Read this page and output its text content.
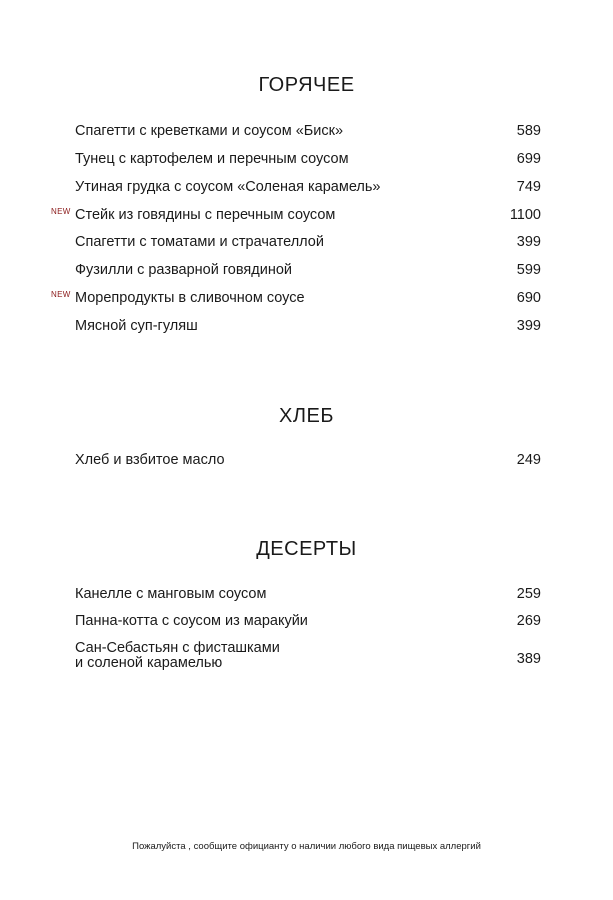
ГОРЯЧЕЕ
Спагетти с креветками и соусом «Биск»	589
Тунец с картофелем и перечным соусом	699
Утиная грудка с соусом «Соленая карамель»	749
NEW Стейк из говядины с перечным соусом	1100
Спагетти с томатами и страчателлой	399
Фузилли с разварной говядиной	599
NEW Морепродукты в сливочном соусе	690
Мясной суп-гуляш	399
ХЛЕБ
Хлеб и взбитое масло	249
ДЕСЕРТЫ
Канелле с манговым соусом	259
Панна-котта с соусом из маракуйи	269
Сан-Себастьян с фисташками
и соленой карамелью	389
Пожалуйста , сообщите официанту о наличии любого вида пищевых аллергий
